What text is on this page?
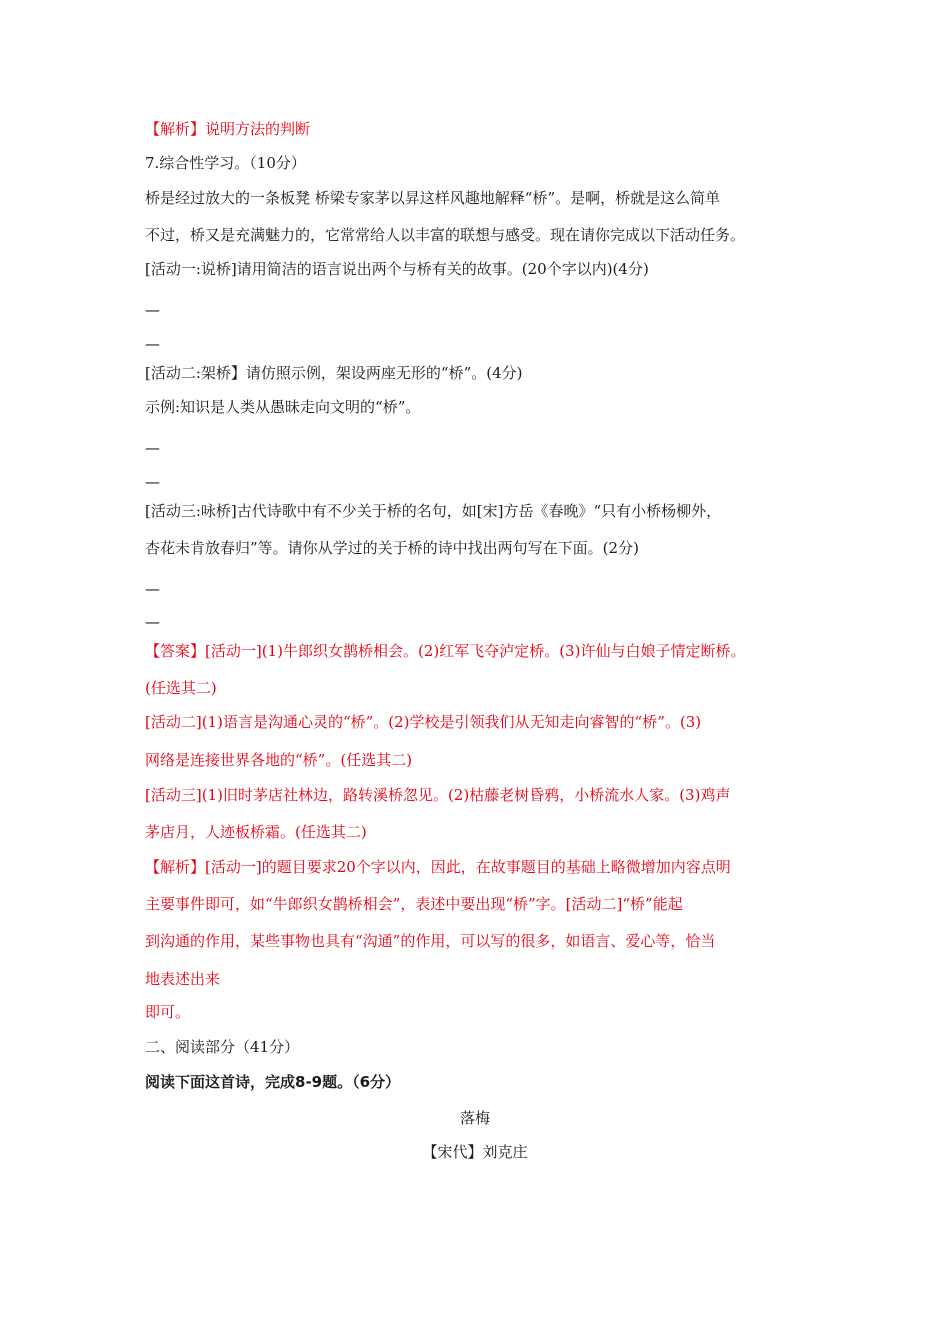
【解析】说明方法的判断
7.综合性学习。（10分）
桥是经过放大的一条板凳 桥梁专家茅以昇这样风趣地解释“桥”。是啊，桥就是这么简单
不过，桥又是充满魅力的，它常常给人以丰富的联想与感受。现在请你完成以下活动任务。
[活动一:说桥]请用简洁的语言说出两个与桥有关的故事。(20个字以内)(4分)
—
—
[活动二:架桥】请仿照示例，架设两座无形的“桥”。(4分)
示例:知识是人类从愚昧走向文明的“桥”。
—
—
[活动三:咏桥]古代诗歌中有不少关于桥的名句，如[宋]方岳《春晚》“只有小桥杨柳外，
杏花未肯放春归”等。请你从学过的关于桥的诗中找出两句写在下面。(2分)
—
—
【答案】[活动一](1)牛郎织女鹊桥相会。(2)红军飞夺泸定桥。(3)许仙与白娘子情定断桥。
(任选其二)
[活动二](1)语言是沟通心灵的“桥”。(2)学校是引领我们从无知走向睿智的“桥”。(3)
网络是连接世界各地的“桥”。(任选其二)
[活动三](1)旧时茅店社林边，路转溪桥忽见。(2)枯藤老树昏鸦，小桥流水人家。(3)鸡声
茅店月，人迹板桥霜。(任选其二)
【解析】[活动一]的题目要求20个字以内，因此，在故事题目的基础上略微增加内容点明
主要事件即可，如“牛郎织女鹊桥相会”，表述中要出现“桥”字。[活动二]“桥”能起
到沟通的作用，某些事物也具有“沟通”的作用，可以写的很多，如语言、爱心等，恰当
地表述出来
即可。
二、阅读部分（41分）
阅读下面这首诗，完成8-9题。（6分）
落梅
【宋代】刘克庄
